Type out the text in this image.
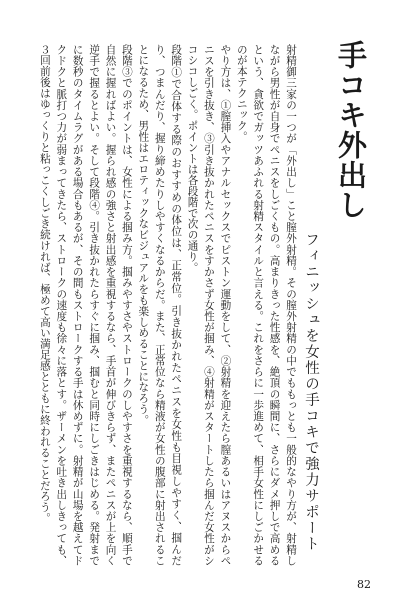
手コキ外出し
フィニッシュを女性の手コキで強力サポート

射精御三家の一つが「外出し」こと膣外射精。その膣外射精の中でももっとも一般的なやり方が、射精しながら男性が自身でペニスをしごくもの。高まりきった性感を、絶頂の瞬間に、さらにダメ押しで高めるという、貪欲でガッツあふれる射精スタイルと言える。これをさらに一歩進めて、相手女性にしごかせるのが本テクニック。

やり方は、①膣挿入やアナルセックスでピストン運動をして、②射精を迎えたら膣あるいはアヌスからペニスを引き抜き、③引き抜かれたペニスをすかさず女性が掴み、④射精がスタートしたら掴んだ女性がシコシコしごく。ポイントは各段階で次の通り。

段階①で合体する際のおすすめの体位は、正常位。引き抜かれたペニスを女性も目視しやすく、掴んだり、つまんだり、握り締めたりしやすくなるからだ。また、正常位なら精液が女性の腹部に射出されることになるため、男性はエロティックなビジュアルをも楽しめることになろう。

段階③でのポイントは、女性による掴み方。掴みやすさやストロークのしやすさを重視するなら、順手で自然に握ればよい。握られ感の強さと射出感を重視するなら、手首が伸びきらず、またペニスが上を向く逆手で握るとよい。そして段階④。引き抜かれたらすぐに掴み、掴むと同時にしごきはじめる。発射までに数秒のタイムラグがある場合もあるが、その間もストロークする手は休めずに。射精が山場を越えてドクドクと脈打つ力が弱まってきたら、ストロークの速度も徐々に落とす。ザーメンを吐き出しきっても、３回前後はゆっくりと粘っこくしごき続ければ、極めて高い満足感とともに終われることだろう。

82
